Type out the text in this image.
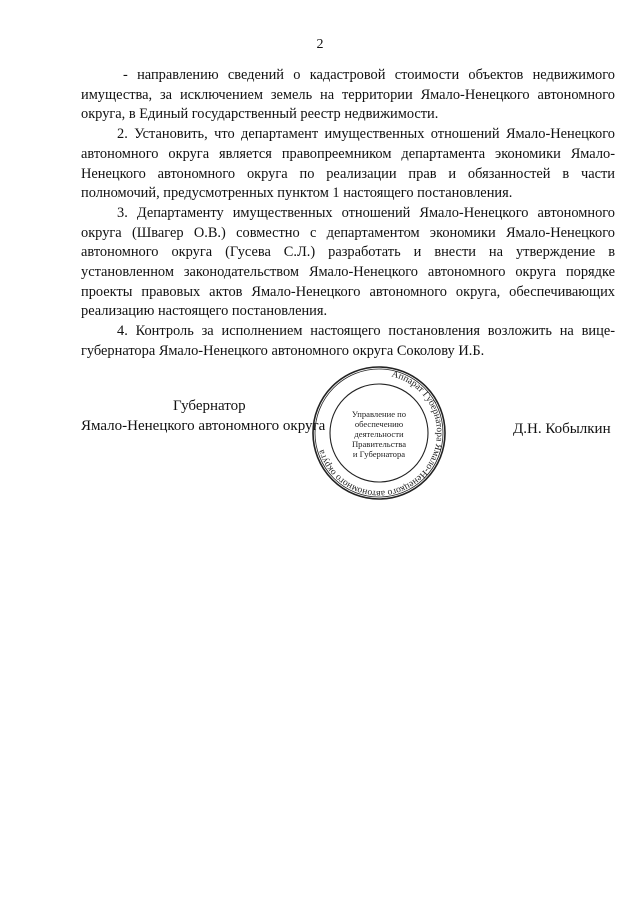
2

- направлению сведений о кадастровой стоимости объектов недвижимого имущества, за исключением земель на территории Ямало-Ненецкого автономного округа, в Единый государственный реестр недвижимости.

2. Установить, что департамент имущественных отношений Ямало-Ненецкого автономного округа является правопреемником департамента экономики Ямало-Ненецкого автономного округа по реализации прав и обязанностей в части полномочий, предусмотренных пунктом 1 настоящего постановления.

3. Департаменту имущественных отношений Ямало-Ненецкого автономного округа (Швагер О.В.) совместно с департаментом экономики Ямало-Ненецкого автономного округа (Гусева С.Л.) разработать и внести на утверждение в установленном законодательством Ямало-Ненецкого автономного округа порядке проекты правовых актов Ямало-Ненецкого автономного округа, обеспечивающих реализацию настоящего постановления.

4. Контроль за исполнением настоящего постановления возложить на вице-губернатора Ямало-Ненецкого автономного округа Соколову И.Б.

Губернатор
Ямало-Ненецкого автономного округа	Д.Н. Кобылкин
Аппарат Губернатора Ямало-Ненецкого автономного округа
Управление по
обеспечению
деятельности
Правительства
и Губернатора
